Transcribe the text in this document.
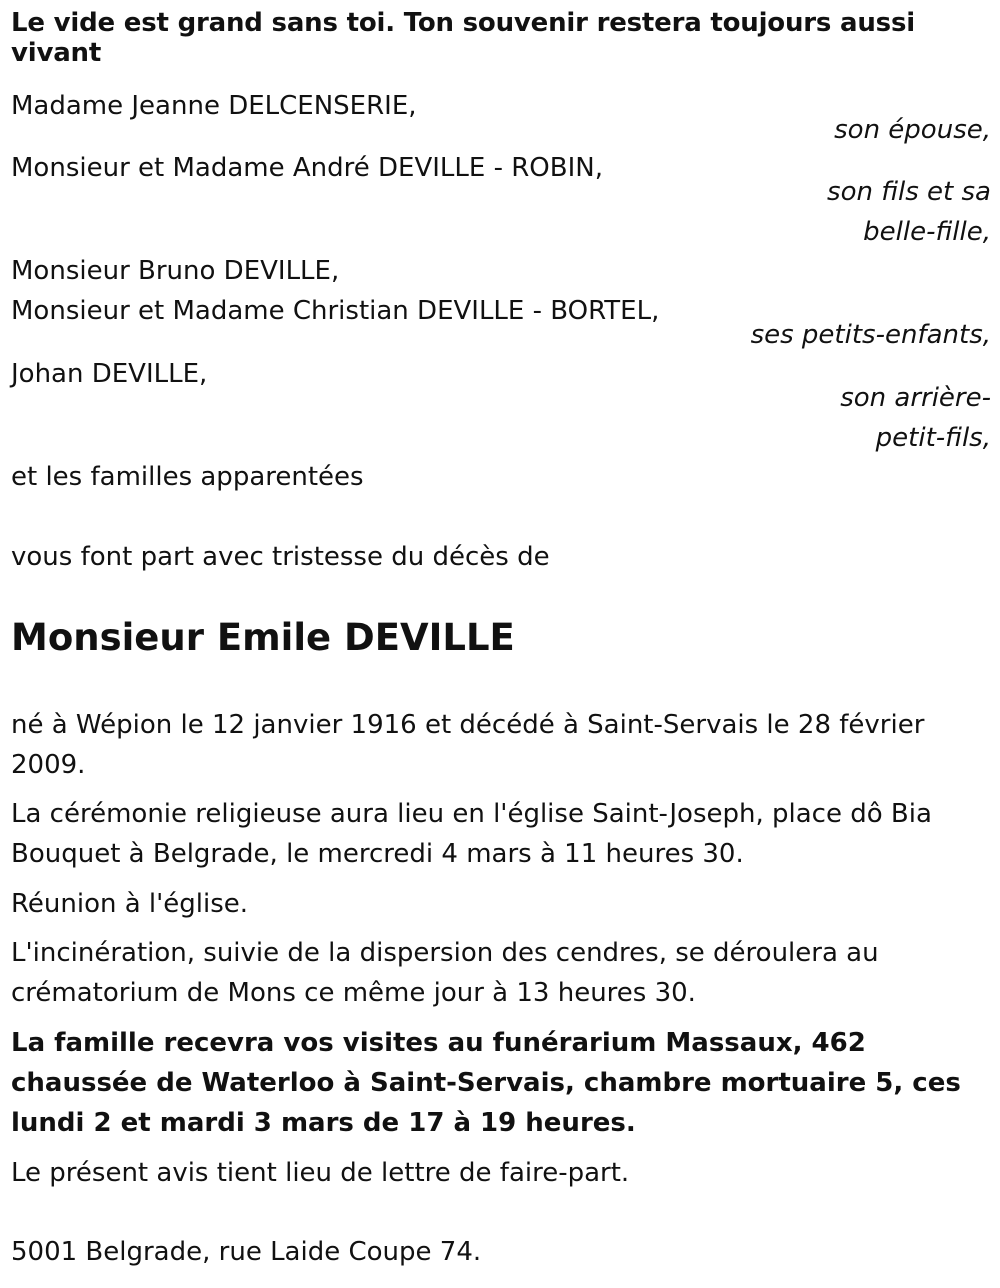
Le vide est grand sans toi. Ton souvenir restera toujours aussi vivant
Madame Jeanne DELCENSERIE,
son épouse,
Monsieur et Madame André DEVILLE - ROBIN,
son fils et sa belle-fille,
Monsieur Bruno DEVILLE,
Monsieur et Madame Christian DEVILLE - BORTEL,
ses petits-enfants,
Johan DEVILLE,
son arrière-petit-fils,
et les familles apparentées
vous font part avec tristesse du décès de
Monsieur Emile DEVILLE
né à Wépion le 12 janvier 1916 et décédé à Saint-Servais le 28 février 2009.
La cérémonie religieuse aura lieu en l'église Saint-Joseph, place dô Bia Bouquet à Belgrade, le mercredi 4 mars à 11 heures 30.
Réunion à l'église.
L'incinération, suivie de la dispersion des cendres, se déroulera au crématorium de Mons ce même jour à 13 heures 30.
La famille recevra vos visites au funérarium Massaux, 462 chaussée de Waterloo à Saint-Servais, chambre mortuaire 5, ces lundi 2 et mardi 3 mars de 17 à 19 heures.
Le présent avis tient lieu de lettre de faire-part.
5001 Belgrade, rue Laide Coupe 74.
